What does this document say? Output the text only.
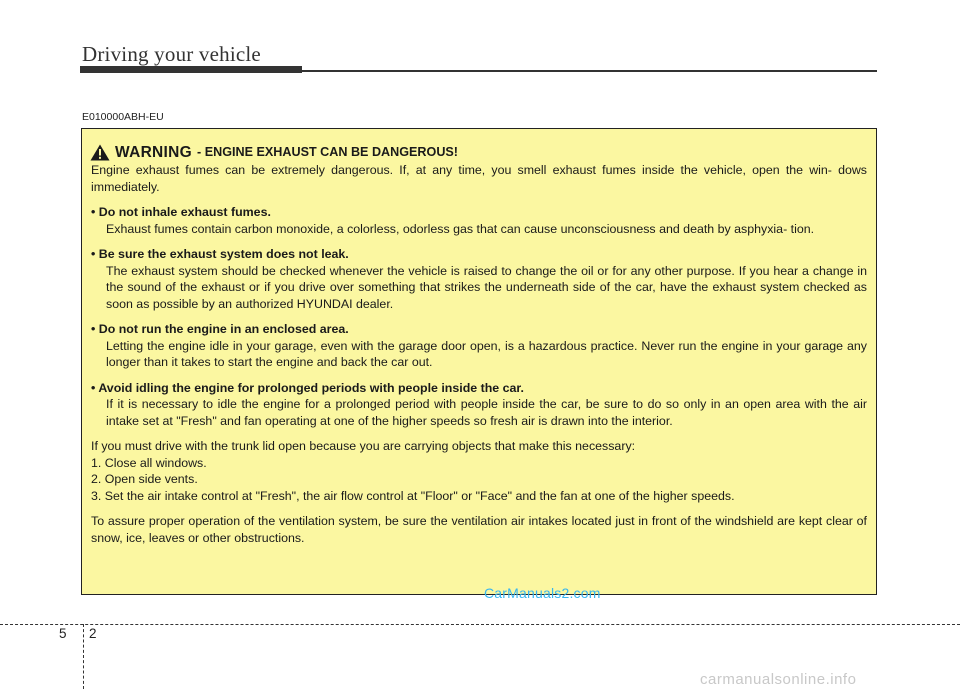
Driving your vehicle
E010000ABH-EU
WARNING - ENGINE EXHAUST CAN BE DANGEROUS!

Engine exhaust fumes can be extremely dangerous. If, at any time, you smell exhaust fumes inside the vehicle, open the win- dows immediately.

• Do not inhale exhaust fumes.

Exhaust fumes contain carbon monoxide, a colorless, odorless gas that can cause unconsciousness and death by asphyxia- tion.

• Be sure the exhaust system does not leak.

The exhaust system should be checked whenever the vehicle is raised to change the oil or for any other purpose. If you hear a change in the sound of the exhaust or if you drive over something that strikes the underneath side of the car, have the exhaust system checked as soon as possible by an authorized HYUNDAI dealer.

• Do not run the engine in an enclosed area.

Letting the engine idle in your garage, even with the garage door open, is a hazardous practice. Never run the engine in your garage any longer than it takes to start the engine and back the car out.

• Avoid idling the engine for prolonged periods with people inside the car.

If it is necessary to idle the engine for a prolonged period with people inside the car, be sure to do so only in an open area with the air intake set at "Fresh" and fan operating at one of the higher speeds so fresh air is drawn into the interior.

If you must drive with the trunk lid open because you are carrying objects that make this necessary:

1. Close all windows.

2. Open side vents.

3. Set the air intake control at "Fresh", the air flow control at "Floor" or "Face" and the fan at one of the higher speeds.

To assure proper operation of the ventilation system, be sure the ventilation air intakes located just in front of the windshield are kept clear of snow, ice, leaves or other obstructions.

CarManuals2.com
5 2
carmanualsonline.info
